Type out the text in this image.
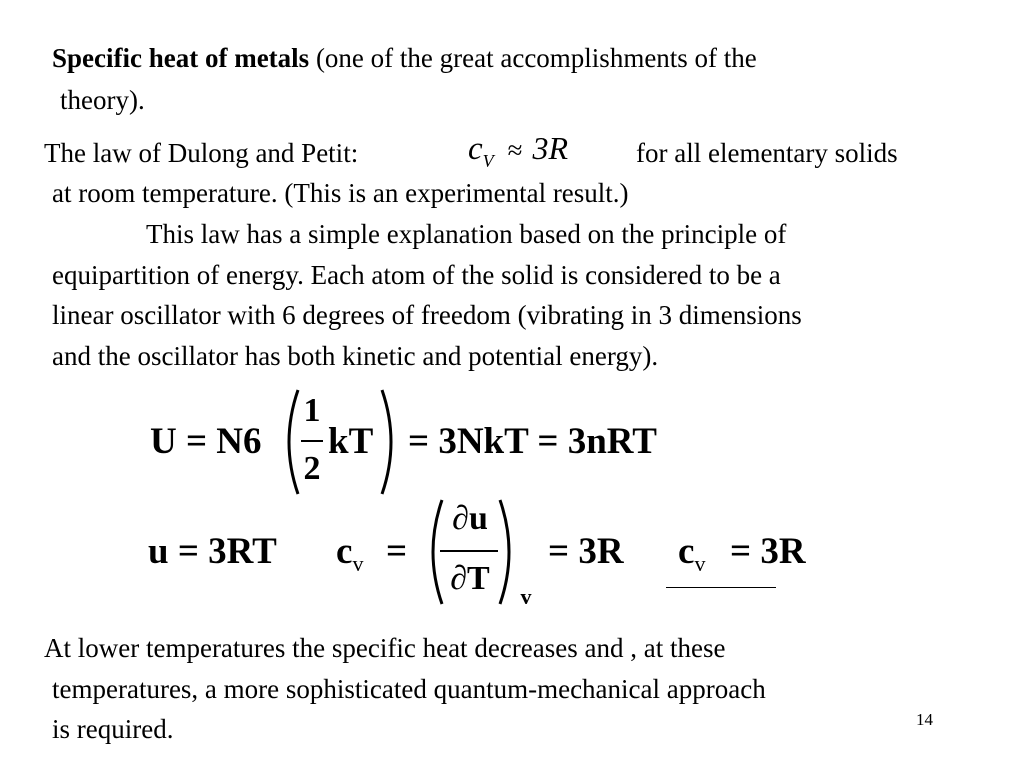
Specific heat of metals (one of the great accomplishments of the
theory).
The law of Dulong and Petit:	cV ≈ 3R	for all elementary solids
at room temperature. (This is an experimental result.)
This law has a simple explanation based on the principle of
equipartition of energy. Each atom of the solid is considered to be a
linear oscillator with 6 degrees of freedom (vibrating in 3 dimensions
and the oscillator has both kinetic and potential energy).
U = N6
1
2
kT = 3NkT = 3nRT
u = 3RT $c_v$ =
∂u
∂T	v
= 3R $c_v = 3R$
At lower temperatures the specific heat decreases and , at these
temperatures, a more sophisticated quantum-mechanical approach
is required.	14
